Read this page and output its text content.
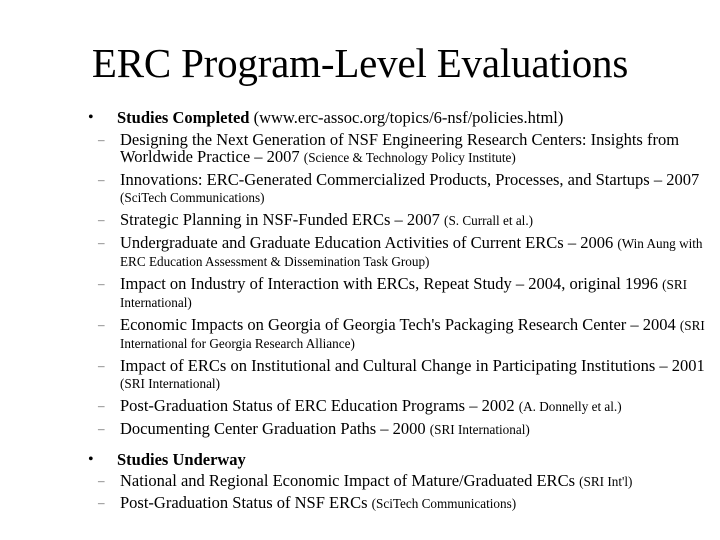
ERC Program-Level Evaluations
• Studies Completed (www.erc-assoc.org/topics/6-nsf/policies.html)
– Designing the Next Generation of NSF Engineering Research Centers: Insights from Worldwide Practice – 2007 (Science & Technology Policy Institute)
– Innovations: ERC-Generated Commercialized Products, Processes, and Startups – 2007 (SciTech Communications)
– Strategic Planning in NSF-Funded ERCs – 2007 (S. Currall et al.)
– Undergraduate and Graduate Education Activities of Current ERCs – 2006 (Win Aung with ERC Education Assessment & Dissemination Task Group)
– Impact on Industry of Interaction with ERCs, Repeat Study – 2004, original 1996 (SRI International)
– Economic Impacts on Georgia of Georgia Tech's Packaging Research Center – 2004 (SRI International for Georgia Research Alliance)
– Impact of ERCs on Institutional and Cultural Change in Participating Institutions – 2001 (SRI International)
– Post-Graduation Status of ERC Education Programs – 2002 (A. Donnelly et al.)
– Documenting Center Graduation Paths – 2000 (SRI International)
• Studies Underway
– National and Regional Economic Impact of Mature/Graduated ERCs (SRI Int'l)
– Post-Graduation Status of NSF ERCs (SciTech Communications)
